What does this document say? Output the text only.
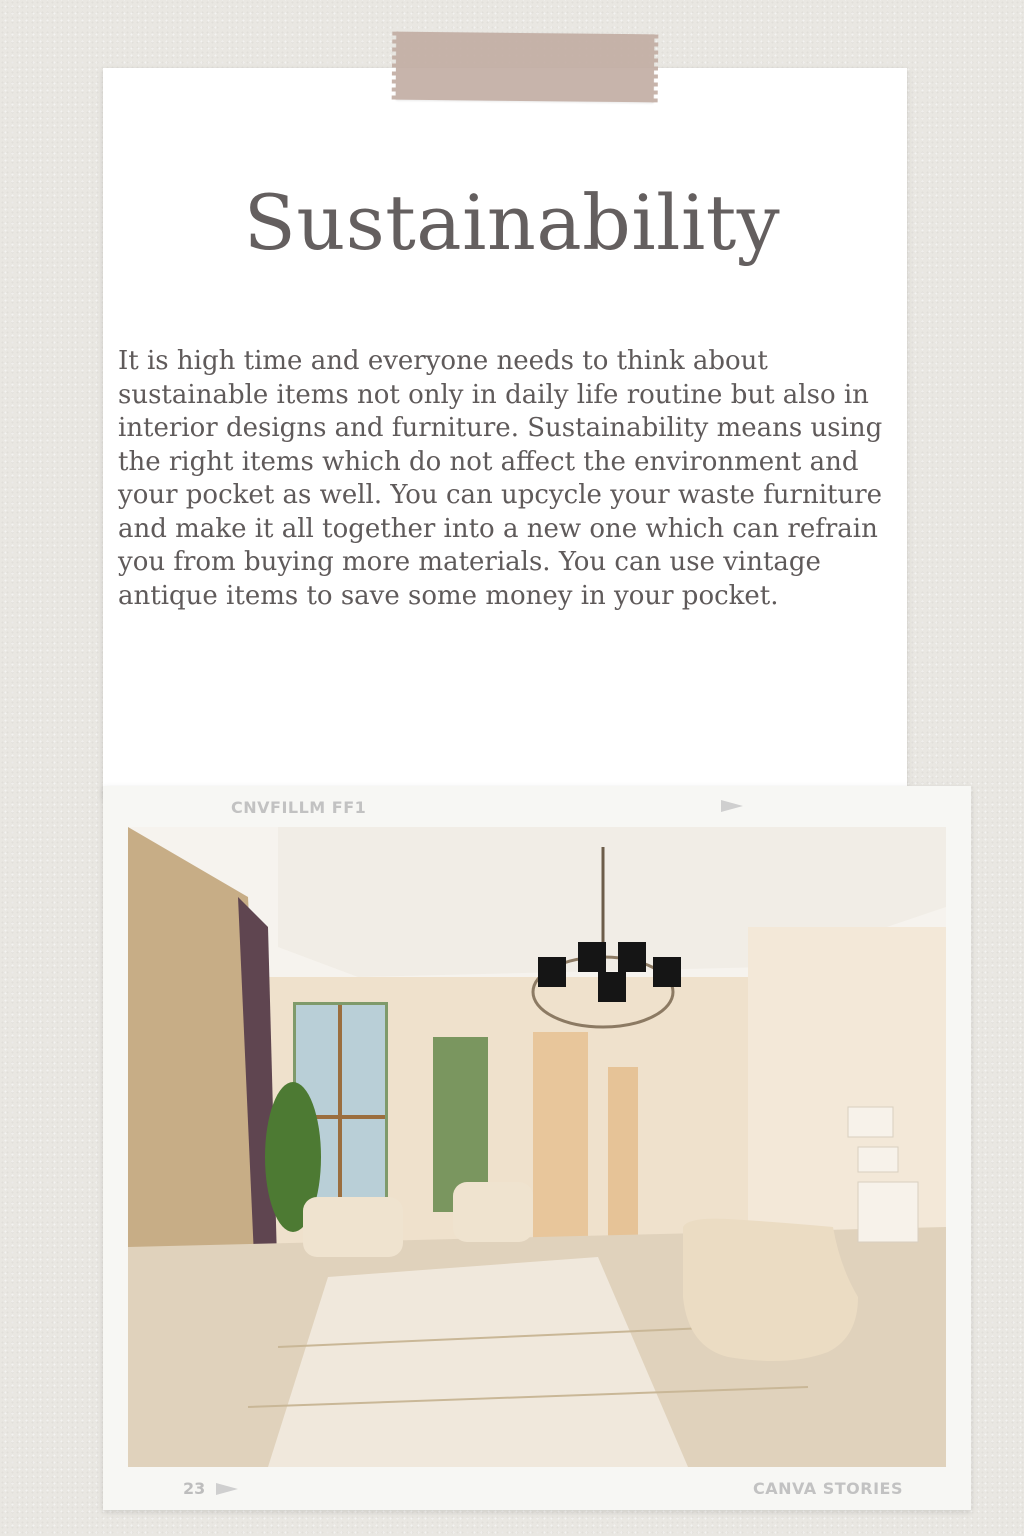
Sustainability

It is high time and everyone needs to think about sustainable items not only in daily life routine but also in interior designs and furniture. Sustainability means using the right items which do not affect the environment and your pocket as well. You can upcycle your waste furniture and make it all together into a new one which can refrain you from buying more materials. You can use vintage antique items to save some money in your pocket.

CNVFILLM FF1
23	CANVA STORIES
